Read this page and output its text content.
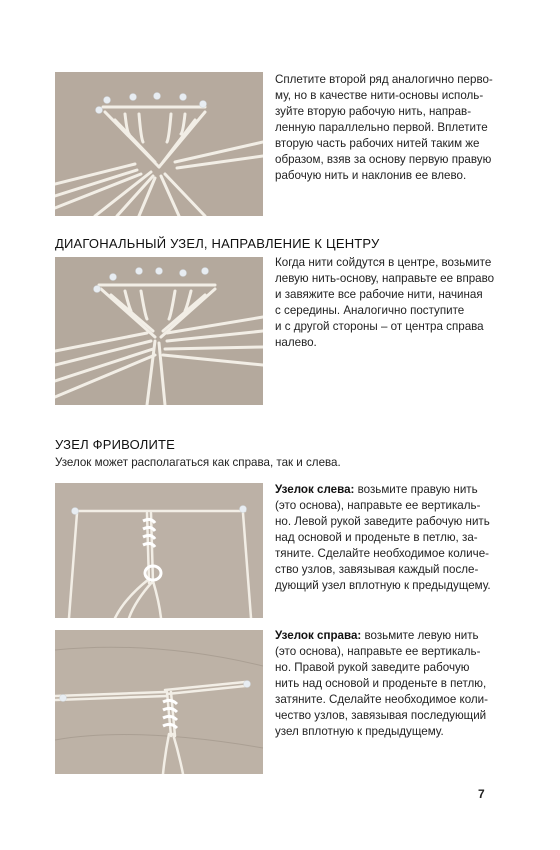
Сплетите второй ряд аналогично перво-
му, но в качестве нити-основы исполь-
зуйте вторую рабочую нить, направ-
ленную параллельно первой. Вплетите
вторую часть рабочих нитей таким же
образом, взяв за основу первую правую
рабочую нить и наклонив ее влево.

ДИАГОНАЛЬНЫЙ УЗЕЛ, НАПРАВЛЕНИЕ К ЦЕНТРУ

Когда нити сойдутся в центре, возьмите
левую нить-основу, направьте ее вправо
и завяжите все рабочие нити, начиная
с середины. Аналогично поступите
и с другой стороны – от центра справа
налево.

УЗЕЛ ФРИВОЛИТЕ

Узелок может располагаться как справа, так и слева.

Узелок слева: возьмите правую нить
(это основа), направьте ее вертикаль-
но. Левой рукой заведите рабочую нить
над основой и проденьте в петлю, за-
тяните. Сделайте необходимое количе-
ство узлов, завязывая каждый после-
дующий узел вплотную к предыдущему.

Узелок справа: возьмите левую нить
(это основа), направьте ее вертикаль-
но. Правой рукой заведите рабочую
нить над основой и проденьте в петлю,
затяните. Сделайте необходимое коли-
чество узлов, завязывая последующий
узел вплотную к предыдущему.

7
